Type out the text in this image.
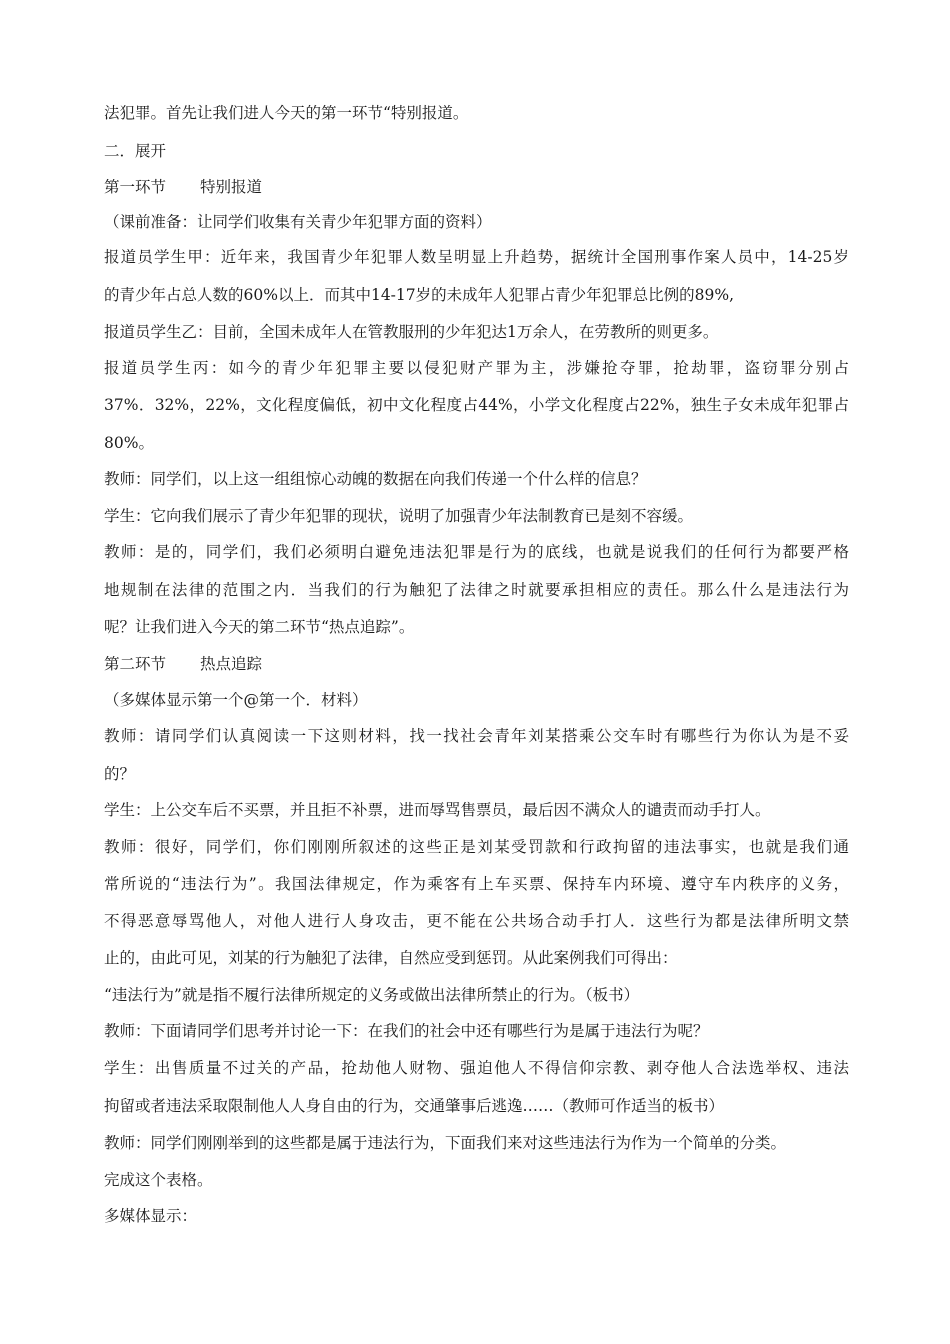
法犯罪。首先让我们进人今天的第一环节“特别报道。
二．展开
第一环节 特别报道
（课前准备：让同学们收集有关青少年犯罪方面的资料）
报道员学生甲：近年来，我国青少年犯罪人数呈明显上升趋势，据统计全国刑事作案人员中，14-25岁
的青少年占总人数的60%以上．而其中14-17岁的未成年人犯罪占青少年犯罪总比例的89%,
报道员学生乙：目前，全国未成年人在管教服刑的少年犯达1万余人，在劳教所的则更多。
报道员学生丙：如今的青少年犯罪主要以侵犯财产罪为主，涉嫌抢夺罪，抢劫罪，盗窃罪分别占
37%．32%，22%，文化程度偏低，初中文化程度占44%，小学文化程度占22%，独生子女未成年犯罪占
80%。
教师：同学们，以上这一组组惊心动魄的数据在向我们传递一个什么样的信息？
学生：它向我们展示了青少年犯罪的现状，说明了加强青少年法制教育已是刻不容缓。
教师：是的，同学们，我们必须明白避免违法犯罪是行为的底线，也就是说我们的任何行为都要严格
地规制在法律的范围之内．当我们的行为触犯了法律之时就要承担相应的责任。那么什么是违法行为
呢？让我们进入今天的第二环节“热点追踪”。
第二环节 热点追踪
（多媒体显示第一个@第一个．材料）
教师：请同学们认真阅读一下这则材料，找一找社会青年刘某搭乘公交车时有哪些行为你认为是不妥
的？
学生：上公交车后不买票，并且拒不补票，进而辱骂售票员，最后因不满众人的谴责而动手打人。
教师：很好，同学们，你们刚刚所叙述的这些正是刘某受罚款和行政拘留的违法事实，也就是我们通
常所说的“违法行为”。我国法律规定，作为乘客有上车买票、保持车内环境、遵守车内秩序的义务，
不得恶意辱骂他人，对他人进行人身攻击，更不能在公共场合动手打人．这些行为都是法律所明文禁
止的，由此可见，刘某的行为触犯了法律，自然应受到惩罚。从此案例我们可得出：
“违法行为”就是指不履行法律所规定的义务或做出法律所禁止的行为。（板书）
教师：下面请同学们思考并讨论一下：在我们的社会中还有哪些行为是属于违法行为呢？
学生：出售质量不过关的产品，抢劫他人财物、强迫他人不得信仰宗教、剥夺他人合法选举权、违法
拘留或者违法采取限制他人人身自由的行为，交通肇事后逃逸……（教师可作适当的板书）
教师：同学们刚刚举到的这些都是属于违法行为，下面我们来对这些违法行为作为一个简单的分类。
完成这个表格。
多媒体显示：
